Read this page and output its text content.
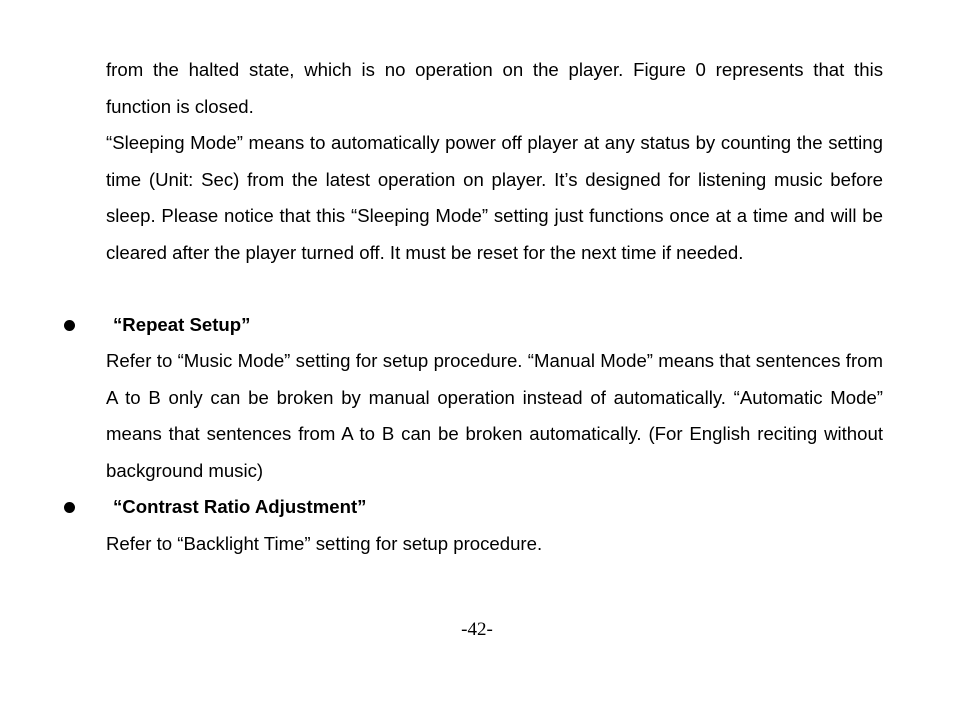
from the halted state, which is no operation on the player. Figure 0 represents that this function is closed.

“Sleeping Mode” means to automatically power off player at any status by counting the setting time (Unit: Sec) from the latest operation on player. It’s designed for listening music before sleep. Please notice that this “Sleeping Mode” setting just functions once at a time and will be cleared after the player turned off. It must be reset for the next time if needed.

“Repeat Setup”

Refer to “Music Mode” setting for setup procedure. “Manual Mode” means that sentences from A to B only can be broken by manual operation instead of automatically. “Automatic Mode” means that sentences from A to B can be broken automatically. (For English reciting without background music)

“Contrast Ratio Adjustment”

Refer to “Backlight Time” setting for setup procedure.

-42-
